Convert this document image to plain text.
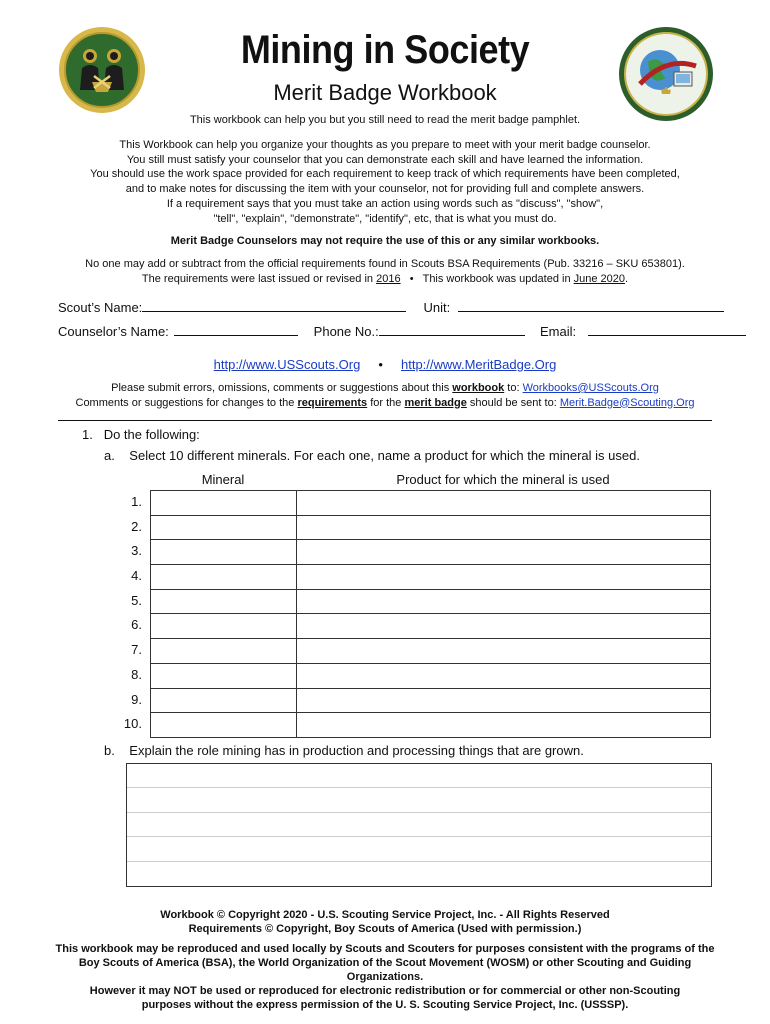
Mining in Society
Merit Badge Workbook
This workbook can help you but you still need to read the merit badge pamphlet.
This Workbook can help you organize your thoughts as you prepare to meet with your merit badge counselor.
You still must satisfy your counselor that you can demonstrate each skill and have learned the information.
You should use the work space provided for each requirement to keep track of which requirements have been completed,
and to make notes for discussing the item with your counselor, not for providing full and complete answers.
If a requirement says that you must take an action using words such as "discuss", "show",
"tell", "explain", "demonstrate", "identify", etc, that is what you must do.
Merit Badge Counselors may not require the use of this or any similar workbooks.
No one may add or subtract from the official requirements found in Scouts BSA Requirements (Pub. 33216 – SKU 653801).
The requirements were last issued or revised in 2016 • This workbook was updated in June 2020.
Scout’s Name:	Unit:
Counselor’s Name:	Phone No.:	Email:
http://www.USScouts.Org • http://www.MeritBadge.Org
Please submit errors, omissions, comments or suggestions about this workbook to: Workbooks@USScouts.Org
Comments or suggestions for changes to the requirements for the merit badge should be sent to: Merit.Badge@Scouting.Org
1. Do the following:
a. Select 10 different minerals. For each one, name a product for which the mineral is used.
Mineral	Product for which the mineral is used
1.
2.
3.
4.
5.
6.
7.
8.
9.
10.

b. Explain the role mining has in production and processing things that are grown.
Workbook © Copyright 2020 - U.S. Scouting Service Project, Inc. - All Rights Reserved
Requirements © Copyright, Boy Scouts of America (Used with permission.)
This workbook may be reproduced and used locally by Scouts and Scouters for purposes consistent with the programs of the
Boy Scouts of America (BSA), the World Organization of the Scout Movement (WOSM) or other Scouting and Guiding Organizations.
However it may NOT be used or reproduced for electronic redistribution or for commercial or other non-Scouting
purposes without the express permission of the U. S. Scouting Service Project, Inc. (USSSP).
